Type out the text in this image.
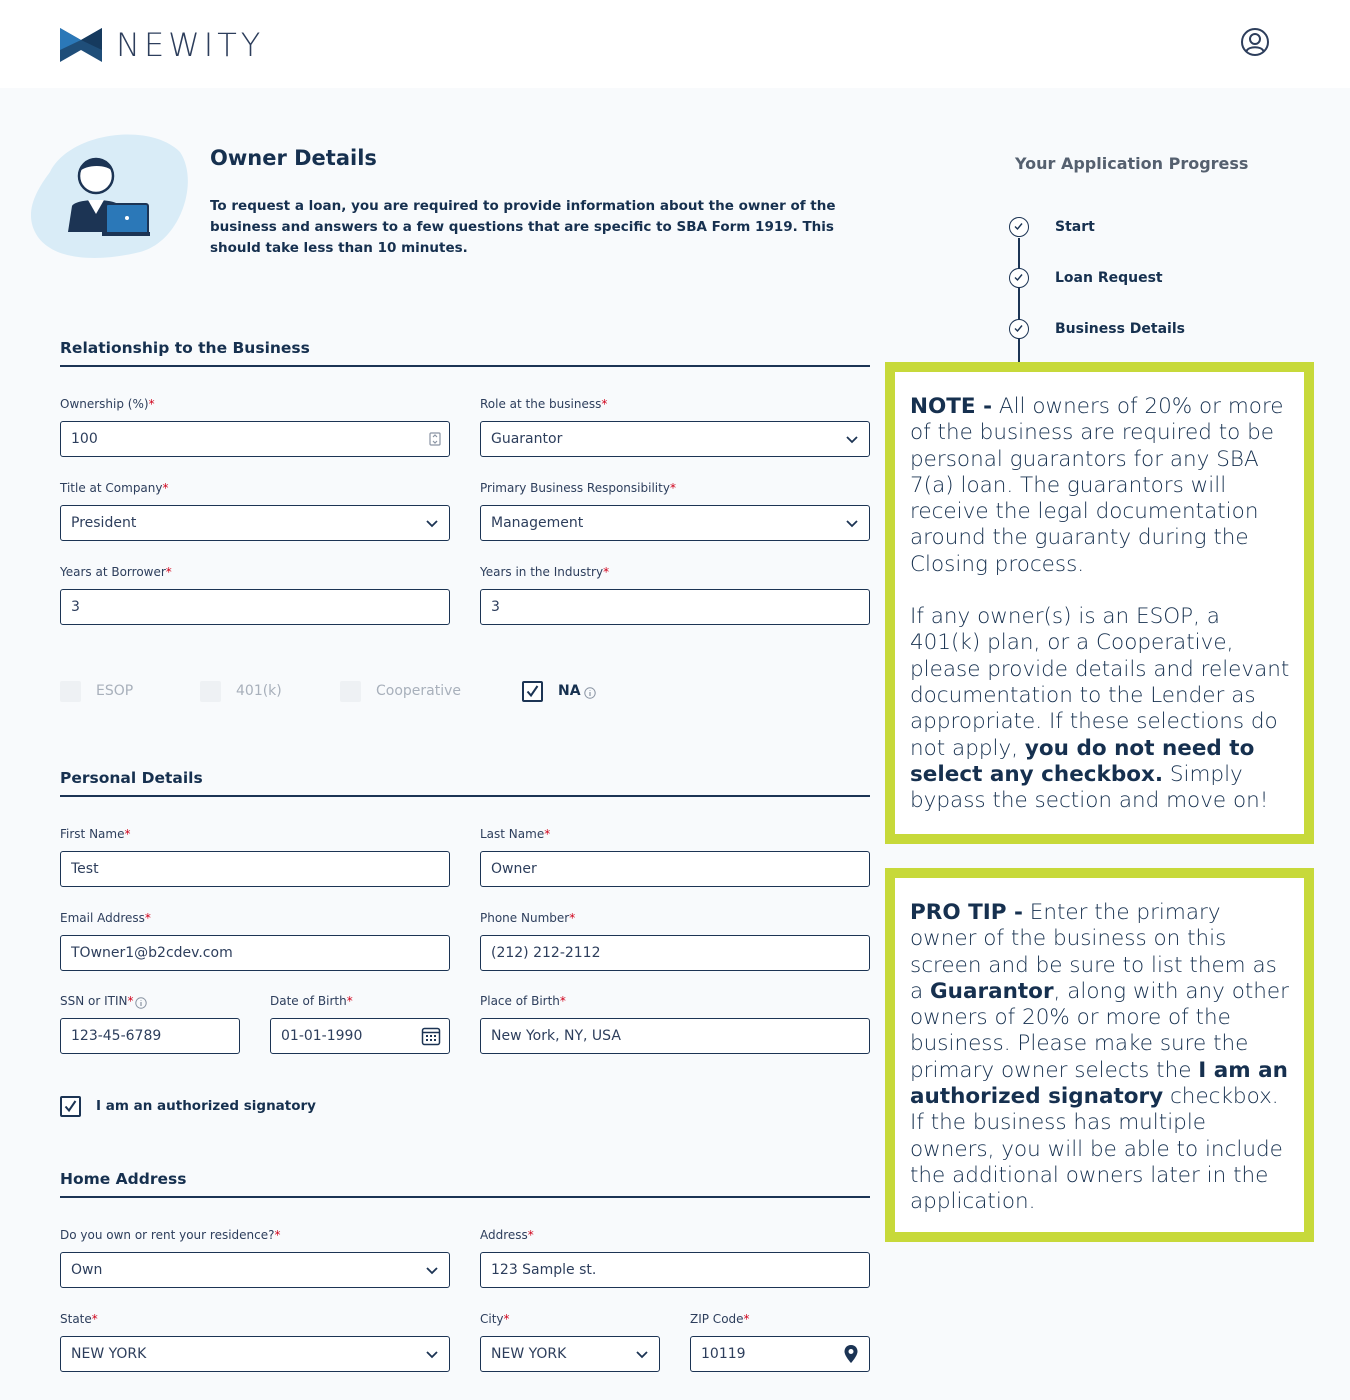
NEWITY
Owner Details
To request a loan, you are required to provide information about the owner of the business and answers to a few questions that are specific to SBA Form 1919. This should take less than 10 minutes.
Relationship to the Business
Ownership (%)*
100
Role at the business*
Guarantor
Title at Company*
President
Primary Business Responsibility*
Management
Years at Borrower*
3
Years in the Industry*
3
ESOP	401(k)	Cooperative	NA
Personal Details
First Name*
Test
Last Name*
Owner
Email Address*
TOwner1@b2cdev.com
Phone Number*
(212) 212-2112
SSN or ITIN*
123-45-6789
Date of Birth*
01-01-1990
Place of Birth*
New York, NY, USA
I am an authorized signatory
Home Address
Do you own or rent your residence?*
Own
Address*
123 Sample st.
State*
NEW YORK
City*
NEW YORK
ZIP Code*
10119
Your Application Progress
Start
Loan Request
Business Details

NOTE - All owners of 20% or more of the business are required to be personal guarantors for any SBA 7(a) loan. The guarantors will receive the legal documentation around the guaranty during the Closing process.

If any owner(s) is an ESOP, a 401(k) plan, or a Cooperative, please provide details and relevant documentation to the Lender as appropriate. If these selections do not apply, you do not need to select any checkbox. Simply bypass the section and move on!

PRO TIP - Enter the primary owner of the business on this screen and be sure to list them as a Guarantor, along with any other owners of 20% or more of the business. Please make sure the primary owner selects the I am an authorized signatory checkbox. If the business has multiple owners, you will be able to include the additional owners later in the application.
